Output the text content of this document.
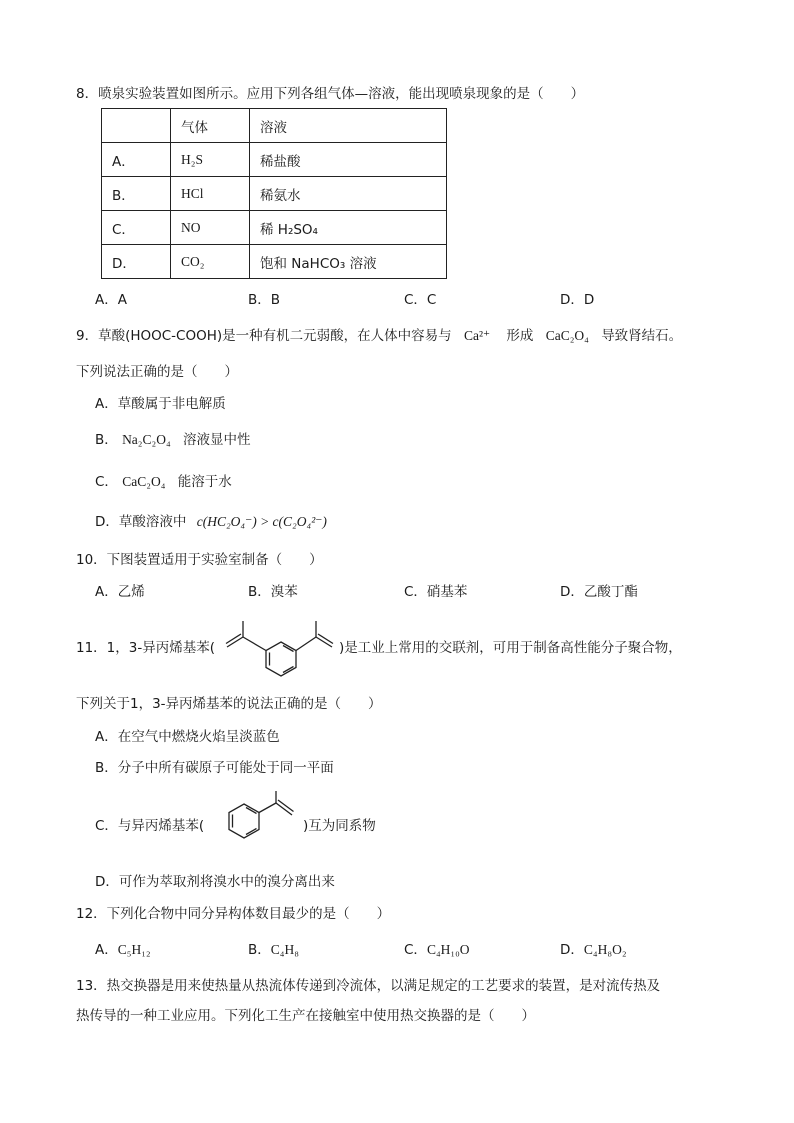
8．喷泉实验装置如图所示。应用下列各组气体—溶液，能出现喷泉现象的是（　　）
	气体	溶液
A．	H₂S	稀盐酸
B．	HCl	稀氨水
C．	NO	稀 H₂SO₄
D．	CO₂	饱和 NaHCO₃ 溶液
A．A	B．B	C．C	D．D
9．草酸(HOOC-COOH)是一种有机二元弱酸，在人体中容易与 Ca²⁺ 形成 CaC₂O₄ 导致肾结石。
下列说法正确的是（　　）
A．草酸属于非电解质
B． Na₂C₂O₄ 溶液显中性
C． CaC₂O₄ 能溶于水
D．草酸溶液中 c(HC₂O₄⁻) > c(C₂O₄²⁻)
10．下图装置适用于实验室制备（　　）
A．乙烯	B．溴苯	C．硝基苯	D．乙酸丁酯
11．1，3-异丙烯基苯(	)是工业上常用的交联剂，可用于制备高性能分子聚合物，
下列关于1，3-异丙烯基苯的说法正确的是（　　）
A．在空气中燃烧火焰呈淡蓝色
B．分子中所有碳原子可能处于同一平面
C．与异丙烯基苯(	)互为同系物
D．可作为萃取剂将溴水中的溴分离出来
12．下列化合物中同分异构体数目最少的是（　　）
A．C₅H₁₂	B．C₄H₈	C．C₄H₁₀O	D．C₄H₈O₂
13．热交换器是用来使热量从热流体传递到冷流体，以满足规定的工艺要求的装置，是对流传热及
热传导的一种工业应用。下列化工生产在接触室中使用热交换器的是（　　）
